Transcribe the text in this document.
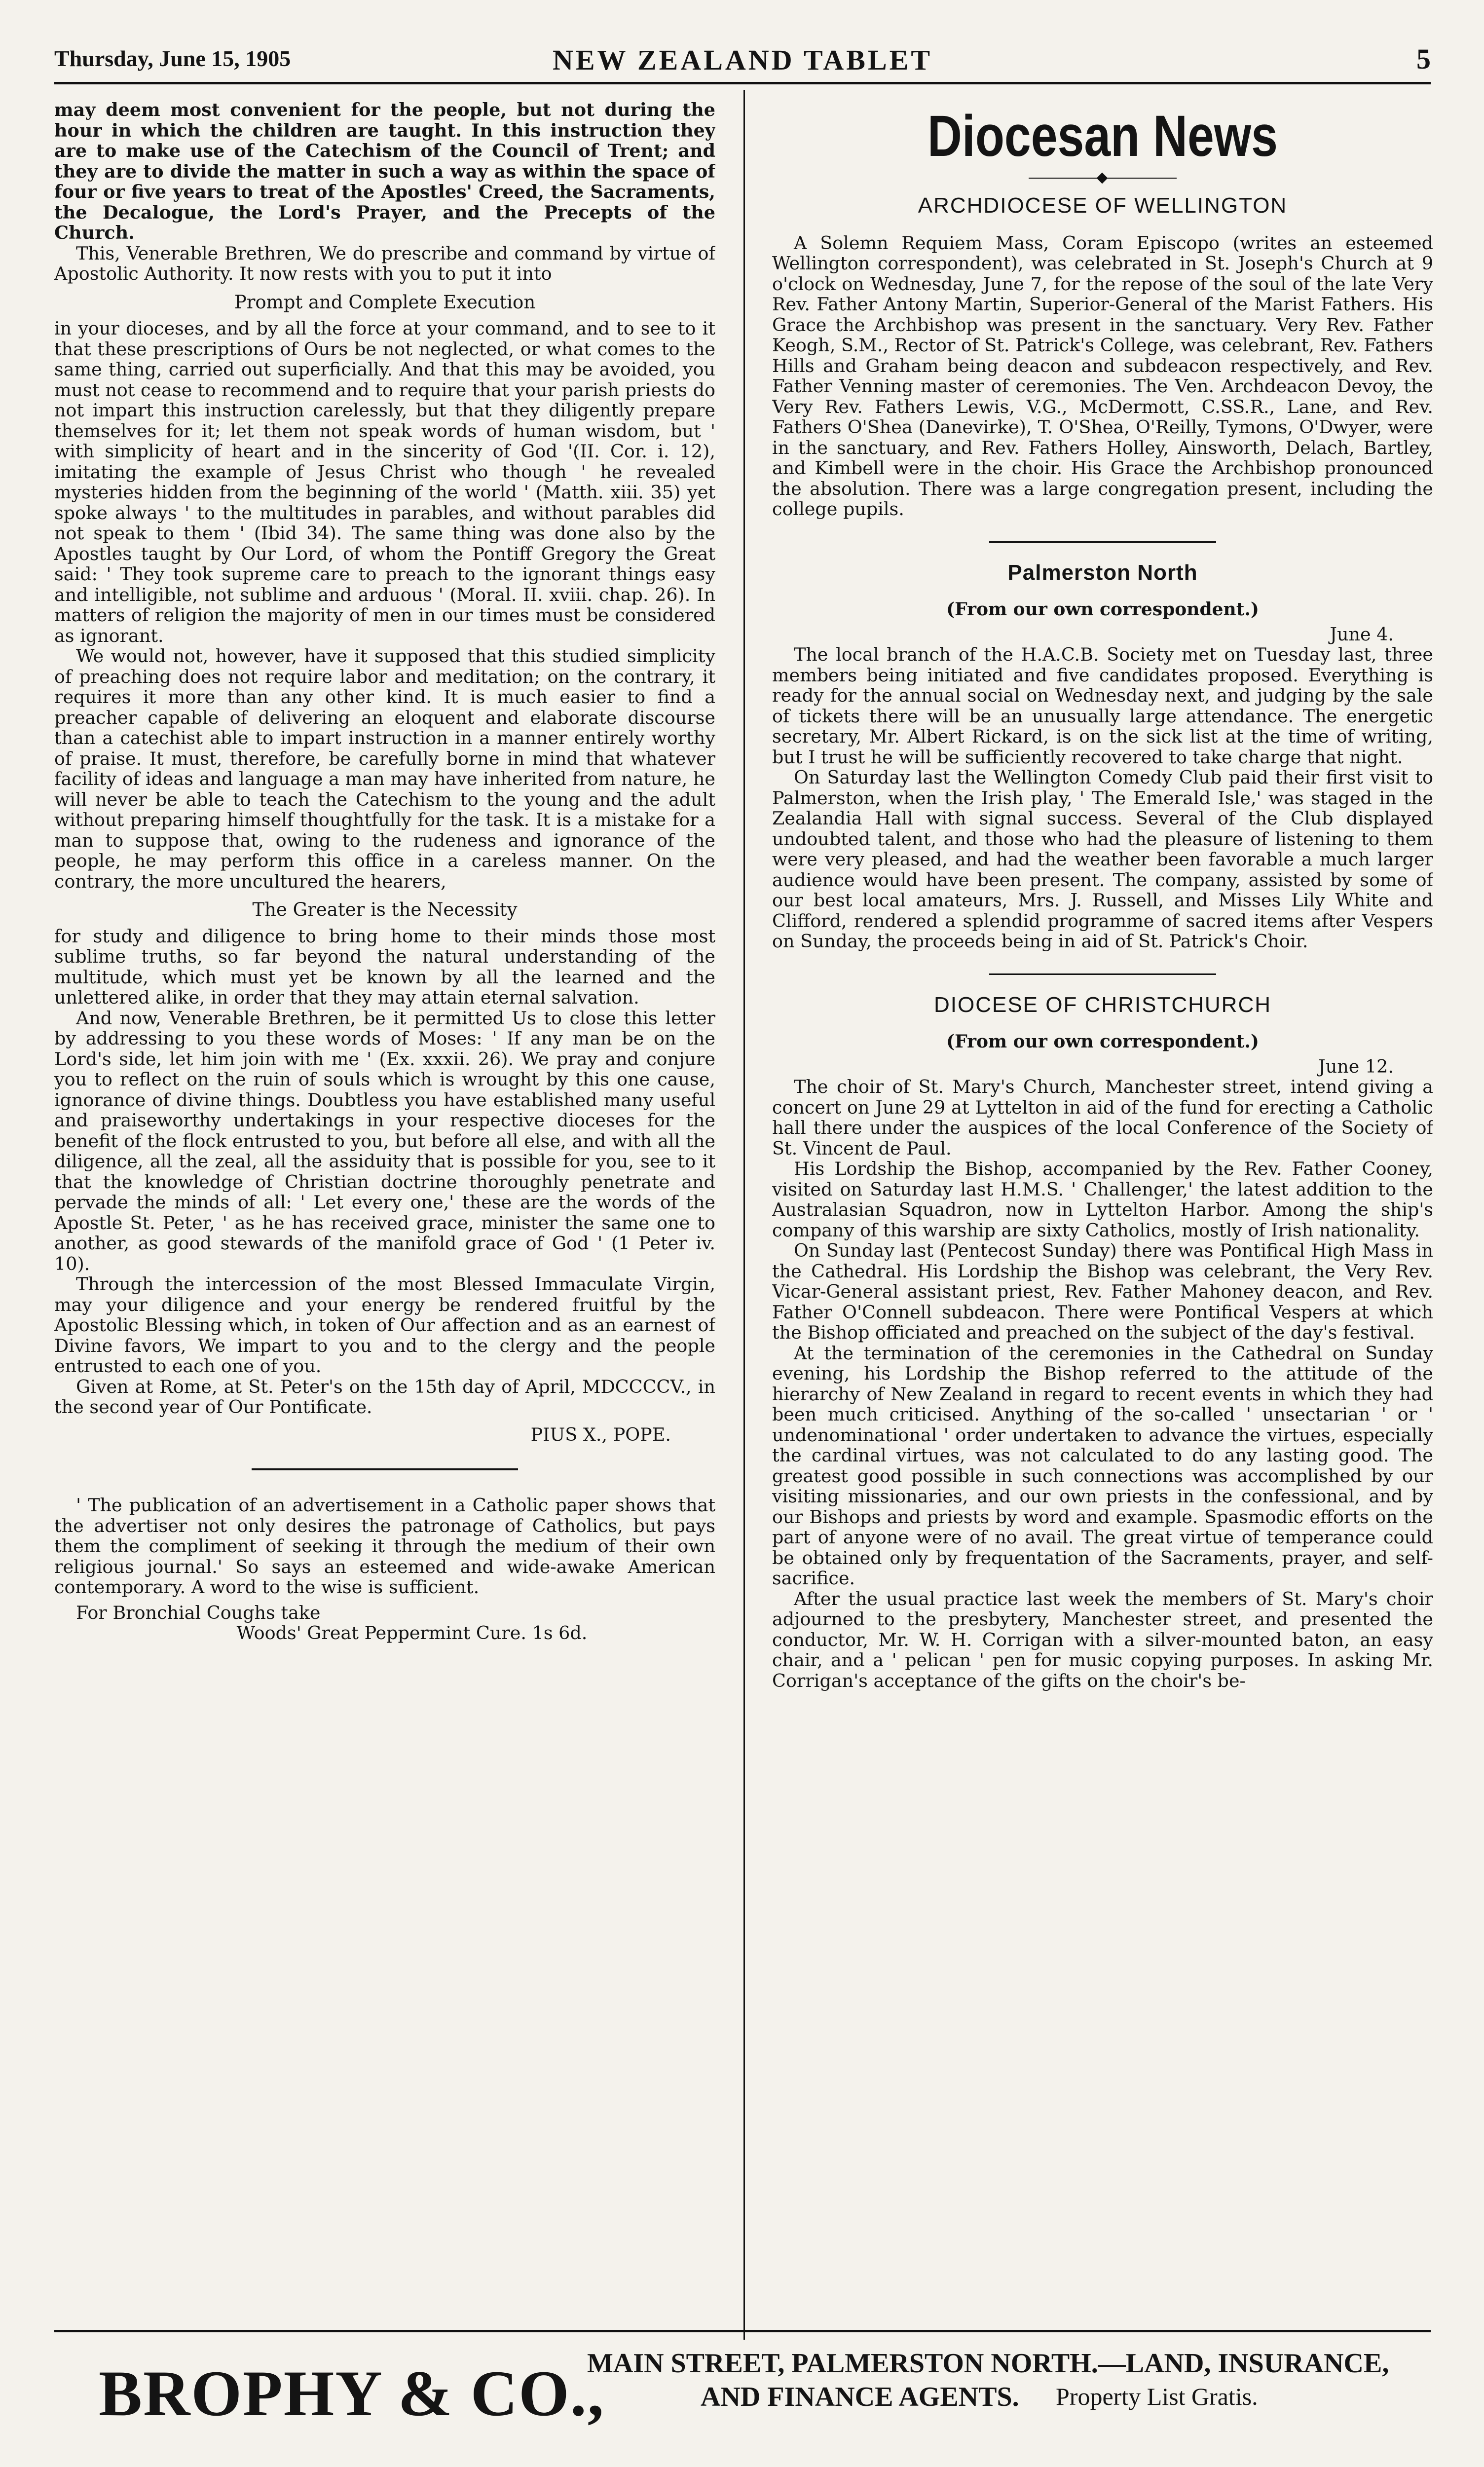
Thursday, June 15, 1905	NEW ZEALAND TABLET	5

may deem most convenient for the people, but not during the hour in which the children are taught. In this instruction they are to make use of the Catechism of the Council of Trent; and they are to divide the matter in such a way as within the space of four or five years to treat of the Apostles' Creed, the Sacraments, the Decalogue, the Lord's Prayer, and the Precepts of the Church.

This, Venerable Brethren, We do prescribe and command by virtue of Apostolic Authority. It now rests with you to put it into

Prompt and Complete Execution

in your dioceses, and by all the force at your command, and to see to it that these prescriptions of Ours be not neglected, or what comes to the same thing, carried out superficially. And that this may be avoided, you must not cease to recommend and to require that your parish priests do not impart this instruction carelessly, but that they diligently prepare themselves for it; let them not speak words of human wisdom, but ' with simplicity of heart and in the sincerity of God '(II. Cor. i. 12), imitating the example of Jesus Christ who though ' he revealed mysteries hidden from the beginning of the world ' (Matth. xiii. 35) yet spoke always ' to the multitudes in parables, and without parables did not speak to them ' (Ibid 34). The same thing was done also by the Apostles taught by Our Lord, of whom the Pontiff Gregory the Great said: ' They took supreme care to preach to the ignorant things easy and intelligible, not sublime and arduous ' (Moral. II. xviii. chap. 26). In matters of religion the majority of men in our times must be considered as ignorant.

We would not, however, have it supposed that this studied simplicity of preaching does not require labor and meditation; on the contrary, it requires it more than any other kind. It is much easier to find a preacher capable of delivering an eloquent and elaborate discourse than a catechist able to impart instruction in a manner entirely worthy of praise. It must, therefore, be carefully borne in mind that whatever facility of ideas and language a man may have inherited from nature, he will never be able to teach the Catechism to the young and the adult without preparing himself thoughtfully for the task. It is a mistake for a man to suppose that, owing to the rudeness and ignorance of the people, he may perform this office in a careless manner. On the contrary, the more uncultured the hearers,

The Greater is the Necessity

for study and diligence to bring home to their minds those most sublime truths, so far beyond the natural understanding of the multitude, which must yet be known by all the learned and the unlettered alike, in order that they may attain eternal salvation.

And now, Venerable Brethren, be it permitted Us to close this letter by addressing to you these words of Moses: ' If any man be on the Lord's side, let him join with me ' (Ex. xxxii. 26). We pray and conjure you to reflect on the ruin of souls which is wrought by this one cause, ignorance of divine things. Doubtless you have established many useful and praiseworthy undertakings in your respective dioceses for the benefit of the flock entrusted to you, but before all else, and with all the diligence, all the zeal, all the assiduity that is possible for you, see to it that the knowledge of Christian doctrine thoroughly penetrate and pervade the minds of all: ' Let every one,' these are the words of the Apostle St. Peter, ' as he has received grace, minister the same one to another, as good stewards of the manifold grace of God ' (1 Peter iv. 10).

Through the intercession of the most Blessed Immaculate Virgin, may your diligence and your energy be rendered fruitful by the Apostolic Blessing which, in token of Our affection and as an earnest of Divine favors, We impart to you and to the clergy and the people entrusted to each one of you.

Given at Rome, at St. Peter's on the 15th day of April, MDCCCCV., in the second year of Our Pontificate.

PIUS X., POPE.

' The publication of an advertisement in a Catholic paper shows that the advertiser not only desires the patronage of Catholics, but pays them the compliment of seeking it through the medium of their own religious journal.' So says an esteemed and wide-awake American contemporary. A word to the wise is sufficient.

For Bronchial Coughs take
Woods' Great Peppermint Cure. 1s 6d.
Diocesan News
ARCHDIOCESE OF WELLINGTON

A Solemn Requiem Mass, Coram Episcopo (writes an esteemed Wellington correspondent), was celebrated in St. Joseph's Church at 9 o'clock on Wednesday, June 7, for the repose of the soul of the late Very Rev. Father Antony Martin, Superior-General of the Marist Fathers. His Grace the Archbishop was present in the sanctuary. Very Rev. Father Keogh, S.M., Rector of St. Patrick's College, was celebrant, Rev. Fathers Hills and Graham being deacon and subdeacon respectively, and Rev. Father Venning master of ceremonies. The Ven. Archdeacon Devoy, the Very Rev. Fathers Lewis, V.G., McDermott, C.SS.R., Lane, and Rev. Fathers O'Shea (Danevirke), T. O'Shea, O'Reilly, Tymons, O'Dwyer, were in the sanctuary, and Rev. Fathers Holley, Ainsworth, Delach, Bartley, and Kimbell were in the choir. His Grace the Archbishop pronounced the absolution. There was a large congregation present, including the college pupils.

Palmerston North
(From our own correspondent.)
June 4.

The local branch of the H.A.C.B. Society met on Tuesday last, three members being initiated and five candidates proposed. Everything is ready for the annual social on Wednesday next, and judging by the sale of tickets there will be an unusually large attendance. The energetic secretary, Mr. Albert Rickard, is on the sick list at the time of writing, but I trust he will be sufficiently recovered to take charge that night.

On Saturday last the Wellington Comedy Club paid their first visit to Palmerston, when the Irish play, ' The Emerald Isle,' was staged in the Zealandia Hall with signal success. Several of the Club displayed undoubted talent, and those who had the pleasure of listening to them were very pleased, and had the weather been favorable a much larger audience would have been present. The company, assisted by some of our best local amateurs, Mrs. J. Russell, and Misses Lily White and Clifford, rendered a splendid programme of sacred items after Vespers on Sunday, the proceeds being in aid of St. Patrick's Choir.

DIOCESE OF CHRISTCHURCH
(From our own correspondent.)
June 12.

The choir of St. Mary's Church, Manchester street, intend giving a concert on June 29 at Lyttelton in aid of the fund for erecting a Catholic hall there under the auspices of the local Conference of the Society of St. Vincent de Paul.

His Lordship the Bishop, accompanied by the Rev. Father Cooney, visited on Saturday last H.M.S. ' Challenger,' the latest addition to the Australasian Squadron, now in Lyttelton Harbor. Among the ship's company of this warship are sixty Catholics, mostly of Irish nationality.

On Sunday last (Pentecost Sunday) there was Pontifical High Mass in the Cathedral. His Lordship the Bishop was celebrant, the Very Rev. Vicar-General assistant priest, Rev. Father Mahoney deacon, and Rev. Father O'Connell subdeacon. There were Pontifical Vespers at which the Bishop officiated and preached on the subject of the day's festival.

At the termination of the ceremonies in the Cathedral on Sunday evening, his Lordship the Bishop referred to the attitude of the hierarchy of New Zealand in regard to recent events in which they had been much criticised. Anything of the so-called ' unsectarian ' or ' undenominational ' order undertaken to advance the virtues, especially the cardinal virtues, was not calculated to do any lasting good. The greatest good possible in such connections was accomplished by our visiting missionaries, and our own priests in the confessional, and by our Bishops and priests by word and example. Spasmodic efforts on the part of anyone were of no avail. The great virtue of temperance could be obtained only by frequentation of the Sacraments, prayer, and self-sacrifice.

After the usual practice last week the members of St. Mary's choir adjourned to the presbytery, Manchester street, and presented the conductor, Mr. W. H. Corrigan with a silver-mounted baton, an easy chair, and a ' pelican ' pen for music copying purposes. In asking Mr. Corrigan's acceptance of the gifts on the choir's be-

BROPHY & CO.,
MAIN STREET, PALMERSTON NORTH.—LAND, INSURANCE,
AND FINANCE AGENTS. Property List Gratis.
